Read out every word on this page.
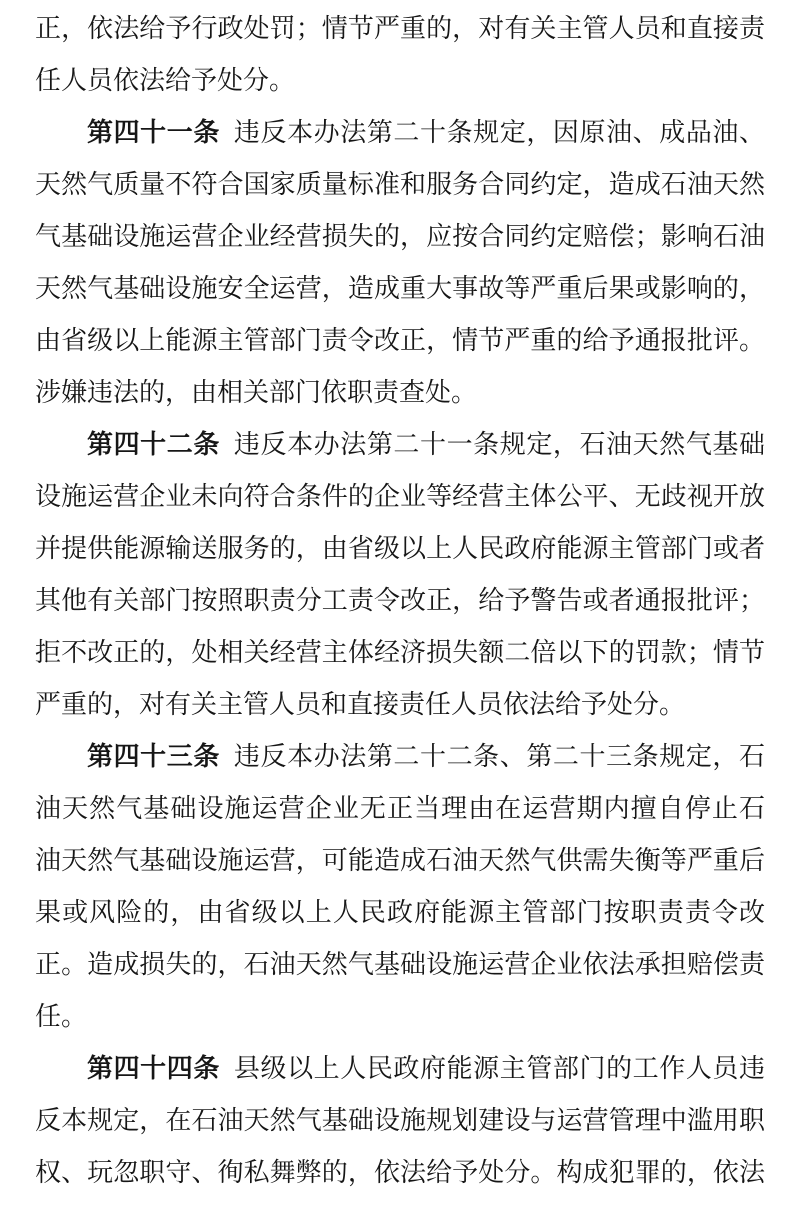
正，依法给予行政处罚；情节严重的，对有关主管人员和直接责
任人员依法给予处分。
第四十一条 违反本办法第二十条规定，因原油、成品油、
天然气质量不符合国家质量标准和服务合同约定，造成石油天然
气基础设施运营企业经营损失的，应按合同约定赔偿；影响石油
天然气基础设施安全运营，造成重大事故等严重后果或影响的，
由省级以上能源主管部门责令改正，情节严重的给予通报批评。
涉嫌违法的，由相关部门依职责查处。
第四十二条 违反本办法第二十一条规定，石油天然气基础
设施运营企业未向符合条件的企业等经营主体公平、无歧视开放
并提供能源输送服务的，由省级以上人民政府能源主管部门或者
其他有关部门按照职责分工责令改正，给予警告或者通报批评；
拒不改正的，处相关经营主体经济损失额二倍以下的罚款；情节
严重的，对有关主管人员和直接责任人员依法给予处分。
第四十三条 违反本办法第二十二条、第二十三条规定，石
油天然气基础设施运营企业无正当理由在运营期内擅自停止石
油天然气基础设施运营，可能造成石油天然气供需失衡等严重后
果或风险的，由省级以上人民政府能源主管部门按职责责令改
正。造成损失的，石油天然气基础设施运营企业依法承担赔偿责
任。
第四十四条 县级以上人民政府能源主管部门的工作人员违
反本规定，在石油天然气基础设施规划建设与运营管理中滥用职
权、玩忽职守、徇私舞弊的，依法给予处分。构成犯罪的，依法
